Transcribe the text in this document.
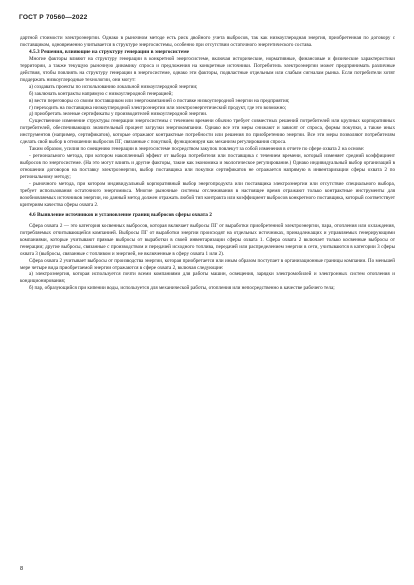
ГОСТ Р 70560—2022

дартной стоимости электроэнергии. Однако в рыночном методе есть риск двойного учета выбросов, так как низкоуглеродная энергия, приобретенная по договору с поставщиком, одновременно учитывается в структуре энергосистемы, особенно при отсутствии остаточного энергетического состава.

4.5.3 Решения, влияющие на структуру генерации в энергосистеме

Многие факторы влияют на структуру генерации в конкретной энергосистеме, включая исторические, нормативные, финансовые и физические характеристики территории, а также текущую рыночную динамику спроса и предложения на конкретные источники. Потребитель электроэнергии может предпринимать различные действия, чтобы повлиять на структуру генерации в энергосистеме, однако эти факторы, подвластные отдельным или слабым сигналам рынка. Если потребители хотят поддержать низкоуглеродные технологии, они могут:

а) создавать проекты по использованию локальной низкоуглеродной энергии;

б) заключать контракты напрямую с низкоуглеродной генерацией;

в) вести переговоры со своим поставщиком или энергокомпанией о поставке низкоуглеродной энергии на предприятия;

г) переходить на поставщика низкоуглеродной электроэнергии или электроэнергетический продукт, где это возможно;

д) приобретать зеленые сертификаты у производителей низкоуглеродной энергии.

Существенное изменение структуры генерации энергосистемы с течением времени обычно требует совместных решений потребителей или крупных корпоративных потребителей, обеспечивающих значительный процент загрузки энергокомпании. Однако все эти меры снижают и зависят от спроса, формы покупки, а также иных инструментов (например, сертификатов), которые отражают контрактные потребности или решения по приобретению энергии. Все эти меры позволяют потребителям сделать свой выбор в отношении выбросов ПГ, связанные с покупкой, функционируя как механизм регулирования спроса.

Таким образом, усилия по смещению генерации в энергосистеме посредством закупок повлекут за собой изменения в отчете по сфере охвата 2 на основе:

- регионального метода, при котором накопленный эффект от выбора потребителя или поставщика с течением времени, который изменяет средний коэффициент выбросов по энергосистеме. (На это могут влиять и другие факторы, такие как экономика и экологическое регулирование.) Однако индивидуальный выбор организаций в отношении договоров на поставку электроэнергии, выбор поставщика или покупки сертификатов не отражается напрямую в инвентаризации сферы охвата 2 по региональному методу;

- рыночного метода, при котором индивидуальный корпоративный выбор энергопродукта или поставщика электроэнергии или отсутствие специального выбора, требует использования остаточного энергомикса. Многие рыночные системы отслеживания в настоящее время отражают только контрактные инструменты для возобновляемых источников энергии, но данный метод должен отражать любой тип контракта или коэффициент выбросов конкретного поставщика, который соответствует критериям качества сферы охвата 2.

4.6 Выявление источников и установление границ выбросов сферы охвата 2

Сфера охвата 2 — это категория косвенных выбросов, которая включает выбросы ПГ от выработки приобретенной электроэнергии, пара, отопления или охлаждения, потребляемых отчитывающейся компанией. Выбросы ПГ от выработки энергии происходят на отдельных источниках, принадлежащих и управляемых генерирующими компаниями, которые учитывают прямые выбросы от выработки в своей инвентаризации сферы охвата 1. Сфера охвата 2 включает только косвенные выбросы от генерации; другие выбросы, связанные с производством и передачей исходного топлива, передачей или распределением энергии в сети, учитываются в категории 3 сферы охвата 3 (выбросы, связанные с топливом и энергией, не включенные в сферу охвата 1 или 2).

Сфера охвата 2 учитывает выбросы от производства энергии, которая приобретается или иным образом поступает в организационные границы компании. По меньшей мере четыре вида приобретаемой энергии отражаются в сфере охвата 2, включая следующие:

а) электроэнергия, которая используется почти всеми компаниями для работы машин, освещения, зарядки электромобилей и электронных систем отопления и кондиционирования;

б) пар, образующийся при кипении воды, используется для механической работы, отопления или непосредственно в качестве рабочего тела;

8
